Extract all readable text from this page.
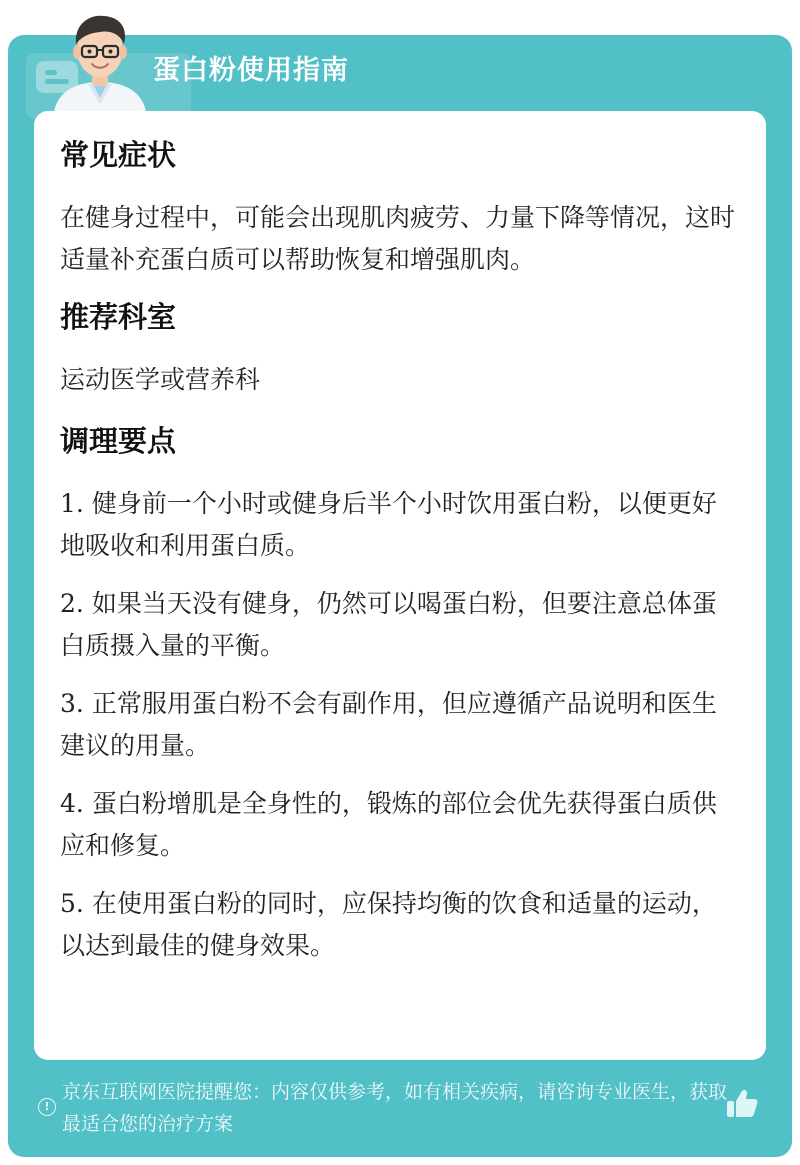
蛋白粉使用指南
常见症状
在健身过程中，可能会出现肌肉疲劳、力量下降等情况，这时适量补充蛋白质可以帮助恢复和增强肌肉。
推荐科室
运动医学或营养科
调理要点
1. 健身前一个小时或健身后半个小时饮用蛋白粉，以便更好地吸收和利用蛋白质。
2. 如果当天没有健身，仍然可以喝蛋白粉，但要注意总体蛋白质摄入量的平衡。
3. 正常服用蛋白粉不会有副作用，但应遵循产品说明和医生建议的用量。
4. 蛋白粉增肌是全身性的，锻炼的部位会优先获得蛋白质供应和修复。
5. 在使用蛋白粉的同时，应保持均衡的饮食和适量的运动，以达到最佳的健身效果。
!
京东互联网医院提醒您：内容仅供参考，如有相关疾病，请咨询专业医生，获取最适合您的治疗方案
